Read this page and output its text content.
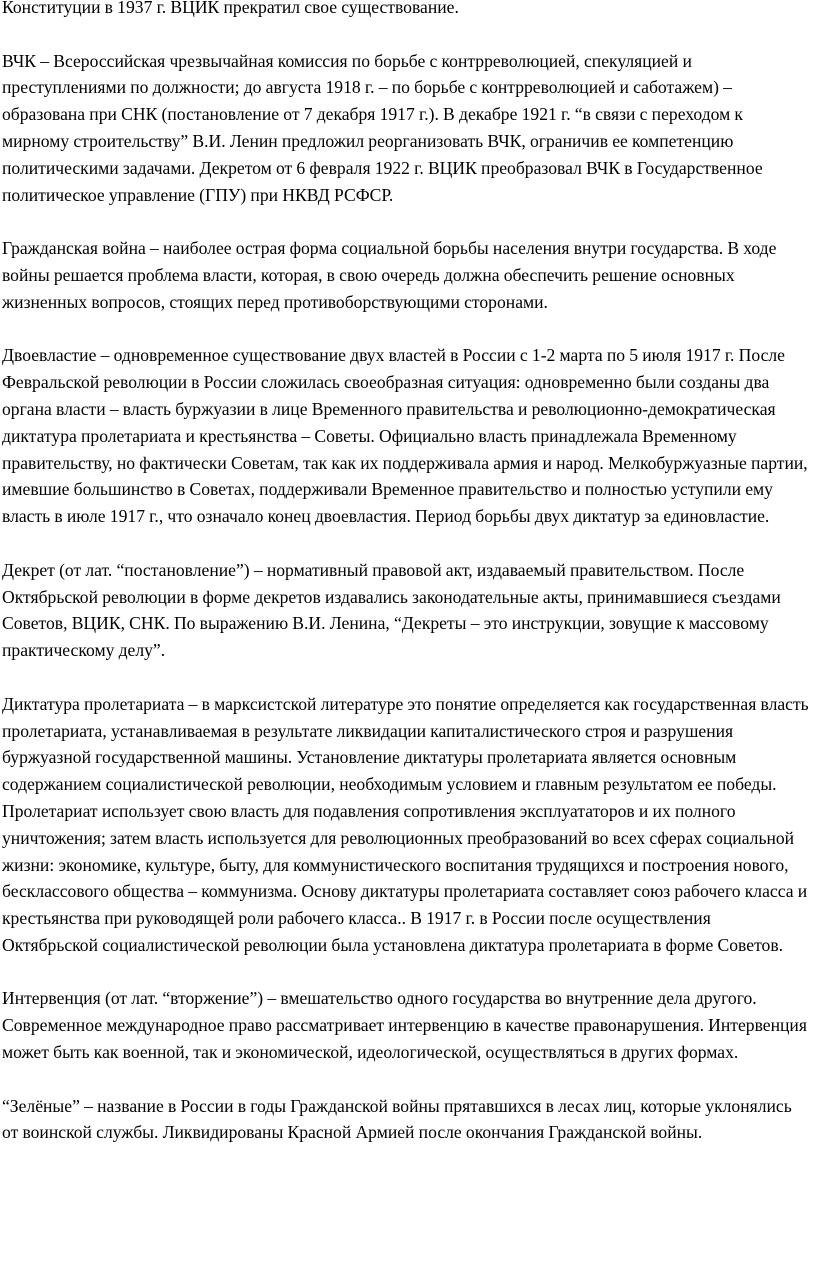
Конституции в 1937 г. ВЦИК прекратил свое существование.

ВЧК – Всероссийская чрезвычайная комиссия по борьбе с контрреволюцией, спекуляцией и преступлениями по должности; до августа 1918 г. – по борьбе с контрреволюцией и саботажем) – образована при СНК (постановление от 7 декабря 1917 г.). В декабре 1921 г. “в связи с переходом к мирному строительству” В.И. Ленин предложил реорганизовать ВЧК, ограничив ее компетенцию политическими задачами. Декретом от 6 февраля 1922 г. ВЦИК преобразовал ВЧК в Государственное политическое управление (ГПУ) при НКВД РСФСР.

Гражданская война – наиболее острая форма социальной борьбы населения внутри государства. В ходе войны решается проблема власти, которая, в свою очередь должна обеспечить решение основных жизненных вопросов, стоящих перед противоборствующими сторонами.

Двоевластие – одновременное существование двух властей в России с 1-2 марта по 5 июля 1917 г. После Февральской революции в России сложилась своеобразная ситуация: одновременно были созданы два органа власти – власть буржуазии в лице Временного правительства и революционно-демократическая диктатура пролетариата и крестьянства – Советы. Официально власть принадлежала Временному правительству, но фактически Советам, так как их поддерживала армия и народ. Мелкобуржуазные партии, имевшие большинство в Советах, поддерживали Временное правительство и полностью уступили ему власть в июле 1917 г., что означало конец двоевластия. Период борьбы двух диктатур за единовластие.

Декрет (от лат. “постановление”) – нормативный правовой акт, издаваемый правительством. После Октябрьской революции в форме декретов издавались законодательные акты, принимавшиеся съездами Советов, ВЦИК, СНК. По выражению В.И. Ленина, “Декреты – это инструкции, зовущие к массовому практическому делу”.

Диктатура пролетариата – в марксистской литературе это понятие определяется как государственная власть пролетариата, устанавливаемая в результате ликвидации капиталистического строя и разрушения буржуазной государственной машины. Установление диктатуры пролетариата является основным содержанием социалистической революции, необходимым условием и главным результатом ее победы. Пролетариат использует свою власть для подавления сопротивления эксплуататоров и их полного уничтожения; затем власть используется для революционных преобразований во всех сферах социальной жизни: экономике, культуре, быту, для коммунистического воспитания трудящихся и построения нового, бесклассового общества – коммунизма. Основу диктатуры пролетариата составляет союз рабочего класса и крестьянства при руководящей роли рабочего класса.. В 1917 г. в России после осуществления Октябрьской социалистической революции была установлена диктатура пролетариата в форме Советов.

Интервенция (от лат. “вторжение”) – вмешательство одного государства во внутренние дела другого. Современное международное право рассматривает интервенцию в качестве правонарушения. Интервенция может быть как военной, так и экономической, идеологической, осуществляться в других формах.

“Зелёные” – название в России в годы Гражданской войны прятавшихся в лесах лиц, которые уклонялись от воинской службы. Ликвидированы Красной Армией после окончания Гражданской войны.
